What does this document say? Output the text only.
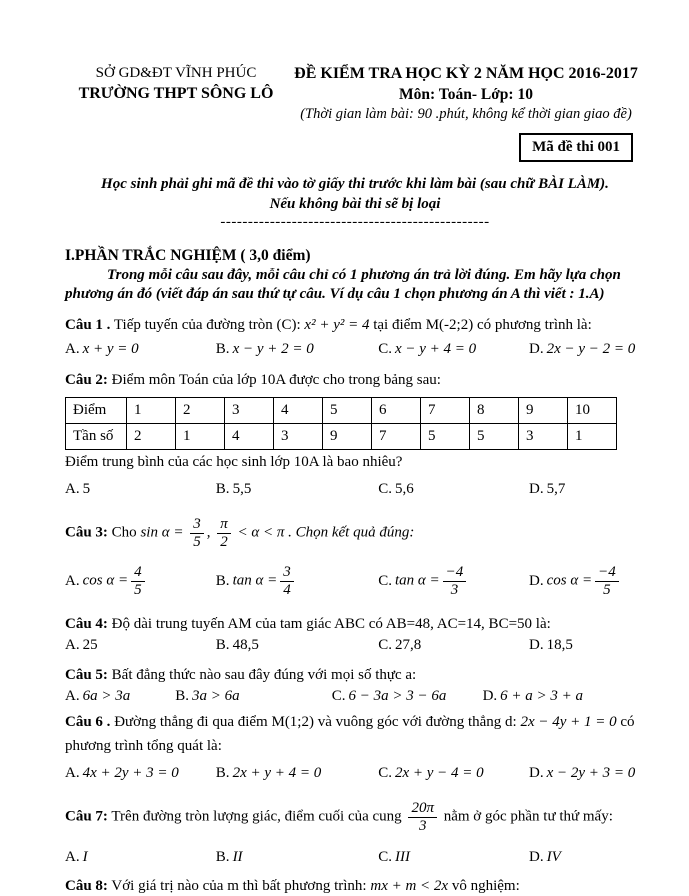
SỞ GD&ĐT VĨNH PHÚC

TRƯỜNG THPT SÔNG LÔ

ĐỀ KIỂM TRA HỌC KỲ 2 NĂM HỌC 2016-2017

Môn: Toán- Lớp: 10

(Thời gian làm bài: 90 .phút, không kể thời gian giao đề)

Mã đề thi 001

Học sinh phải ghi mã đề thi vào tờ giấy thi trước khi làm bài (sau chữ BÀI LÀM).

Nếu không bài thi sẽ bị loại

-------------------------------------------------

I.PHẦN TRẮC NGHIỆM ( 3,0 điểm)

Trong mỗi câu sau đây, mỗi câu chỉ có 1 phương án trả lời đúng. Em hãy lựa chọn phương án đó (viết đáp án sau thứ tự câu. Ví dụ câu 1 chọn phương án A thì viết : 1.A)

Câu 1 . Tiếp tuyến của đường tròn (C): x² + y² = 4 tại điểm M(-2;2) có phương trình là:

A. x + y = 0	B. x − y + 2 = 0	C. x − y + 4 = 0	D. 2x − y − 2 = 0

Câu 2: Điểm môn Toán của lớp 10A được cho trong bảng sau:

Điểm	1	2	3	4	5	6	7	8	9	10
Tần số	2	1	4	3	9	7	5	5	3	1

Điểm trung bình của các học sinh lớp 10A là bao nhiêu?

A. 5	B. 5,5	C. 5,6	D. 5,7

Câu 3: Cho $\sin \alpha = \frac{3}{5}$ , $\frac{\pi}{2} < \alpha < \pi$ . Chọn kết quả đúng:

A. $\cos \alpha = \frac{4}{5}$	B. $\tan \alpha = \frac{3}{4}$	C. $\tan \alpha = \frac{-4}{3}$	D. $\cos \alpha = \frac{-4}{5}$

Câu 4: Độ dài trung tuyến AM của tam giác ABC có AB=48, AC=14, BC=50 là:

A. 25	B. 48,5	C. 27,8	D. 18,5

Câu 5: Bất đẳng thức nào sau đây đúng với mọi số thực a:

A. 6a > 3a	B. 3a > 6a	C. 6 − 3a > 3 − 6a	D. 6 + a > 3 + a

Câu 6 . Đường thẳng đi qua điểm M(1;2) và vuông góc với đường thẳng d: 2x − 4y + 1 = 0 có phương trình tổng quát là:

A. 4x + 2y + 3 = 0	B. 2x + y + 4 = 0	C. 2x + y − 4 = 0	D. x − 2y + 3 = 0

Câu 7: Trên đường tròn lượng giác, điểm cuối của cung $\frac{20\pi}{3}$ nằm ở góc phần tư thứ mấy:

A. I	B. II	C. III	D. IV

Câu 8: Với giá trị nào của m thì bất phương trình: mx + m < 2x vô nghiệm:
